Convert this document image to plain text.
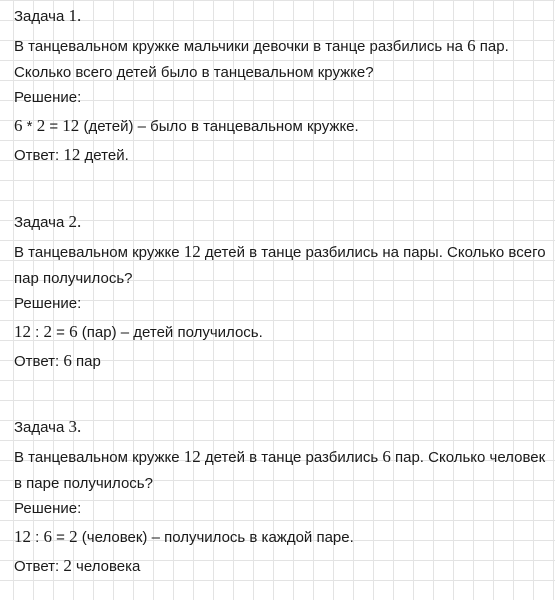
Задача 1.
В танцевальном кружке мальчики девочки в танце разбились на 6 пар.
Сколько всего детей было в танцевальном кружке?
Решение:
6 * 2 = 12 (детей) – было в танцевальном кружке.
Ответ: 12 детей.
Задача 2.
В танцевальном кружке 12 детей в танце разбились на пары. Сколько всего
пар получилось?
Решение:
12 : 2 = 6 (пар) – детей получилось.
Ответ: 6 пар
Задача 3.
В танцевальном кружке 12 детей в танце разбились 6 пар. Сколько человек
в паре получилось?
Решение:
12 : 6 = 2 (человек) – получилось в каждой паре.
Ответ: 2 человека
